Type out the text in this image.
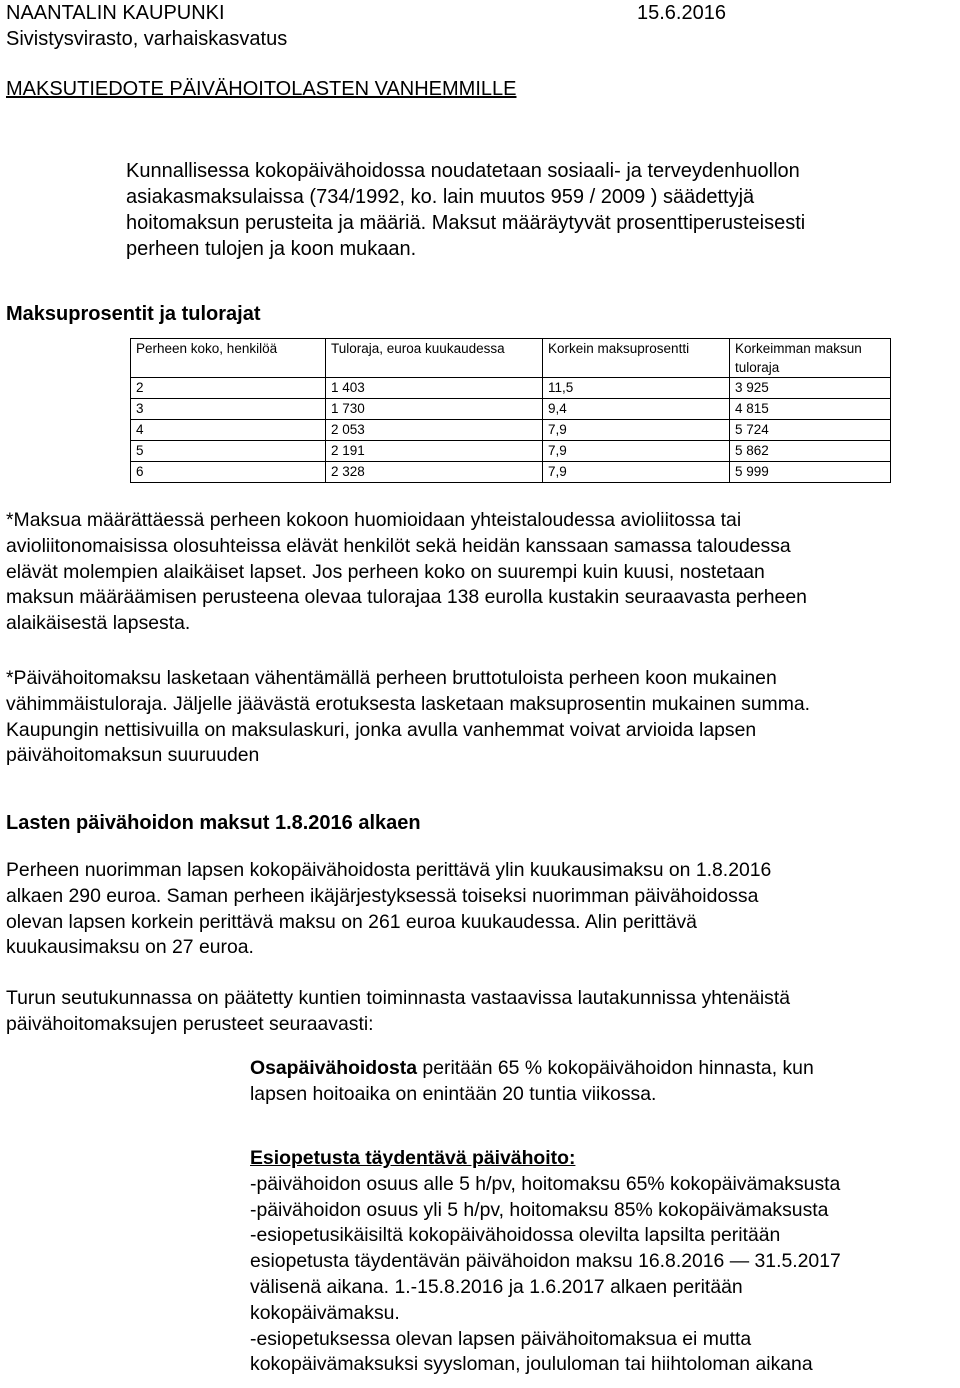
NAANTALIN KAUPUNKI	15.6.2016
Sivistysvirasto, varhaiskasvatus
MAKSUTIEDOTE PÄIVÄHOITOLASTEN VANHEMMILLE
Kunnallisessa kokopäivähoidossa noudatetaan sosiaali- ja terveydenhuollon
asiakasmaksulaissa (734/1992, ko. lain muutos 959 / 2009 ) säädettyjä
hoitomaksun perusteita ja määriä. Maksut määräytyvät prosenttiperusteisesti
perheen tulojen ja koon mukaan.
Maksuprosentit ja tulorajat
Perheen koko, henkilöä	Tuloraja, euroa kuukaudessa	Korkein maksuprosentti	Korkeimman maksun tuloraja
2	1 403	11,5	3 925
3	1 730	9,4	4 815
4	2 053	7,9	5 724
5	2 191	7,9	5 862
6	2 328	7,9	5 999
*Maksua määrättäessä perheen kokoon huomioidaan yhteistaloudessa avioliitossa tai
avioliitonomaisissa olosuhteissa elävät henkilöt sekä heidän kanssaan samassa taloudessa
elävät molempien alaikäiset lapset. Jos perheen koko on suurempi kuin kuusi, nostetaan
maksun määräämisen perusteena olevaa tulorajaa 138 eurolla kustakin seuraavasta perheen
alaikäisestä lapsesta.
*Päivähoitomaksu lasketaan vähentämällä perheen bruttotuloista perheen koon mukainen
vähimmäistuloraja. Jäljelle jäävästä erotuksesta lasketaan maksuprosentin mukainen summa.
Kaupungin nettisivuilla on maksulaskuri, jonka avulla vanhemmat voivat arvioida lapsen
päivähoitomaksun suuruuden
Lasten päivähoidon maksut 1.8.2016 alkaen
Perheen nuorimman lapsen kokopäivähoidosta perittävä ylin kuukausimaksu on 1.8.2016
alkaen 290 euroa. Saman perheen ikäjärjestyksessä toiseksi nuorimman päivähoidossa
olevan lapsen korkein perittävä maksu on 261 euroa kuukaudessa. Alin perittävä
kuukausimaksu on 27 euroa.
Turun seutukunnassa on päätetty kuntien toiminnasta vastaavissa lautakunnissa yhtenäistä
päivähoitomaksujen perusteet seuraavasti:
Osapäivähoidosta peritään 65 % kokopäivähoidon hinnasta, kun
lapsen hoitoaika on enintään 20 tuntia viikossa.
Esiopetusta täydentävä päivähoito:
-päivähoidon osuus alle 5 h/pv, hoitomaksu 65% kokopäivämaksusta
-päivähoidon osuus yli 5 h/pv, hoitomaksu 85% kokopäivämaksusta
-esiopetusikäisiltä kokopäivähoidossa olevilta lapsilta peritään
esiopetusta täydentävän päivähoidon maksu 16.8.2016 — 31.5.2017
välisenä aikana. 1.-15.8.2016 ja 1.6.2017 alkaen peritään
kokopäivämaksu.
-esiopetuksessa olevan lapsen päivähoitomaksua ei mutta
kokopäivämaksuksi syysloman, joululoman tai hiihtoloman aikana
